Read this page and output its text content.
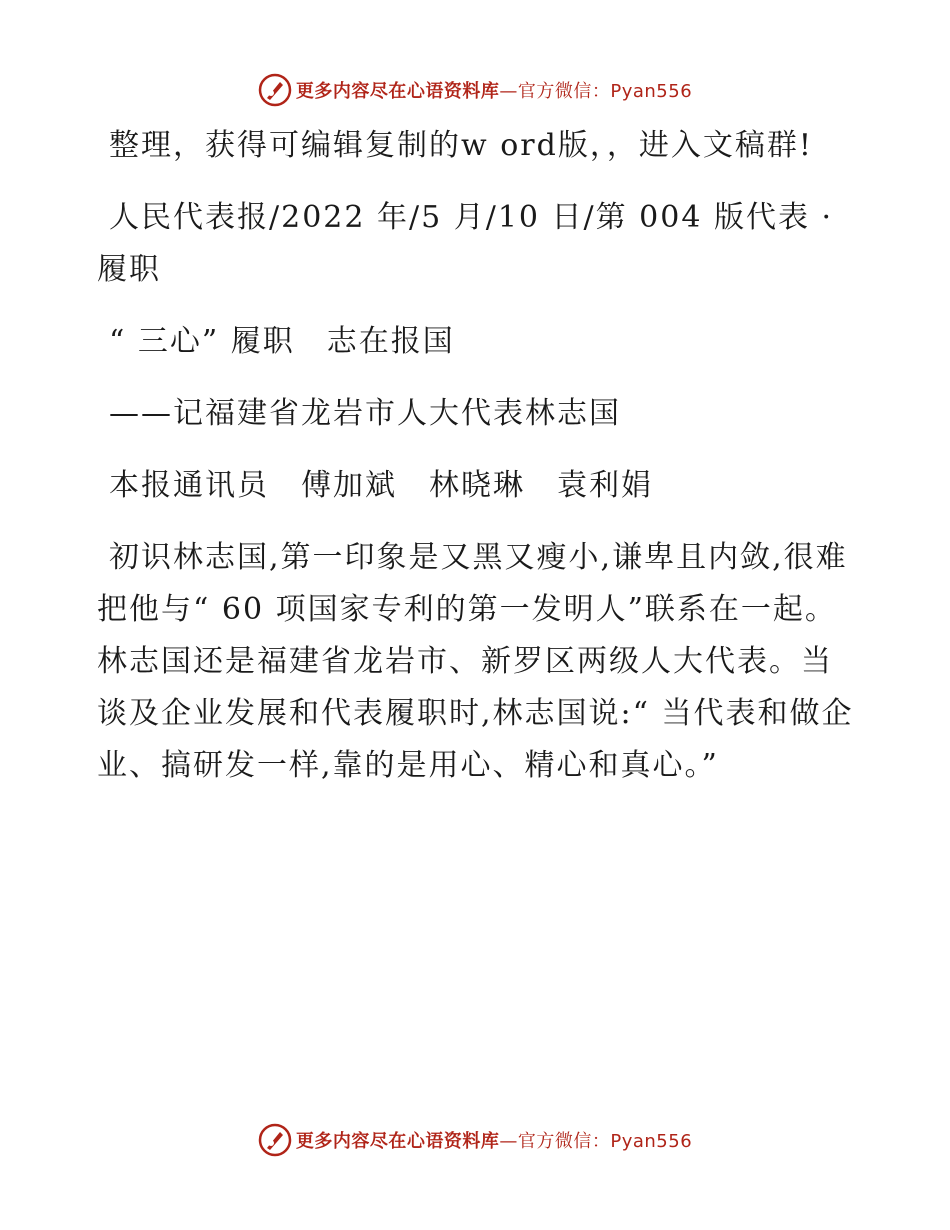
更多内容尽在心语资料库—官方微信：Pyan556

整理，获得可编辑复制的w ord版，，进入文稿群!

人民代表报/2022 年/5 月/10 日/第 004 版代表 · 履职

“ 三心” 履职　志在报国

——记福建省龙岩市人大代表林志国

本报通讯员　傅加斌　林晓琳　袁利娟

初识林志国,第一印象是又黑又瘦小,谦卑且内敛,很难把他与“ 60 项国家专利的第一发明人”联系在一起。林志国还是福建省龙岩市、新罗区两级人大代表。当谈及企业发展和代表履职时,林志国说:“ 当代表和做企业、搞研发一样,靠的是用心、精心和真心。”

更多内容尽在心语资料库—官方微信：Pyan556
